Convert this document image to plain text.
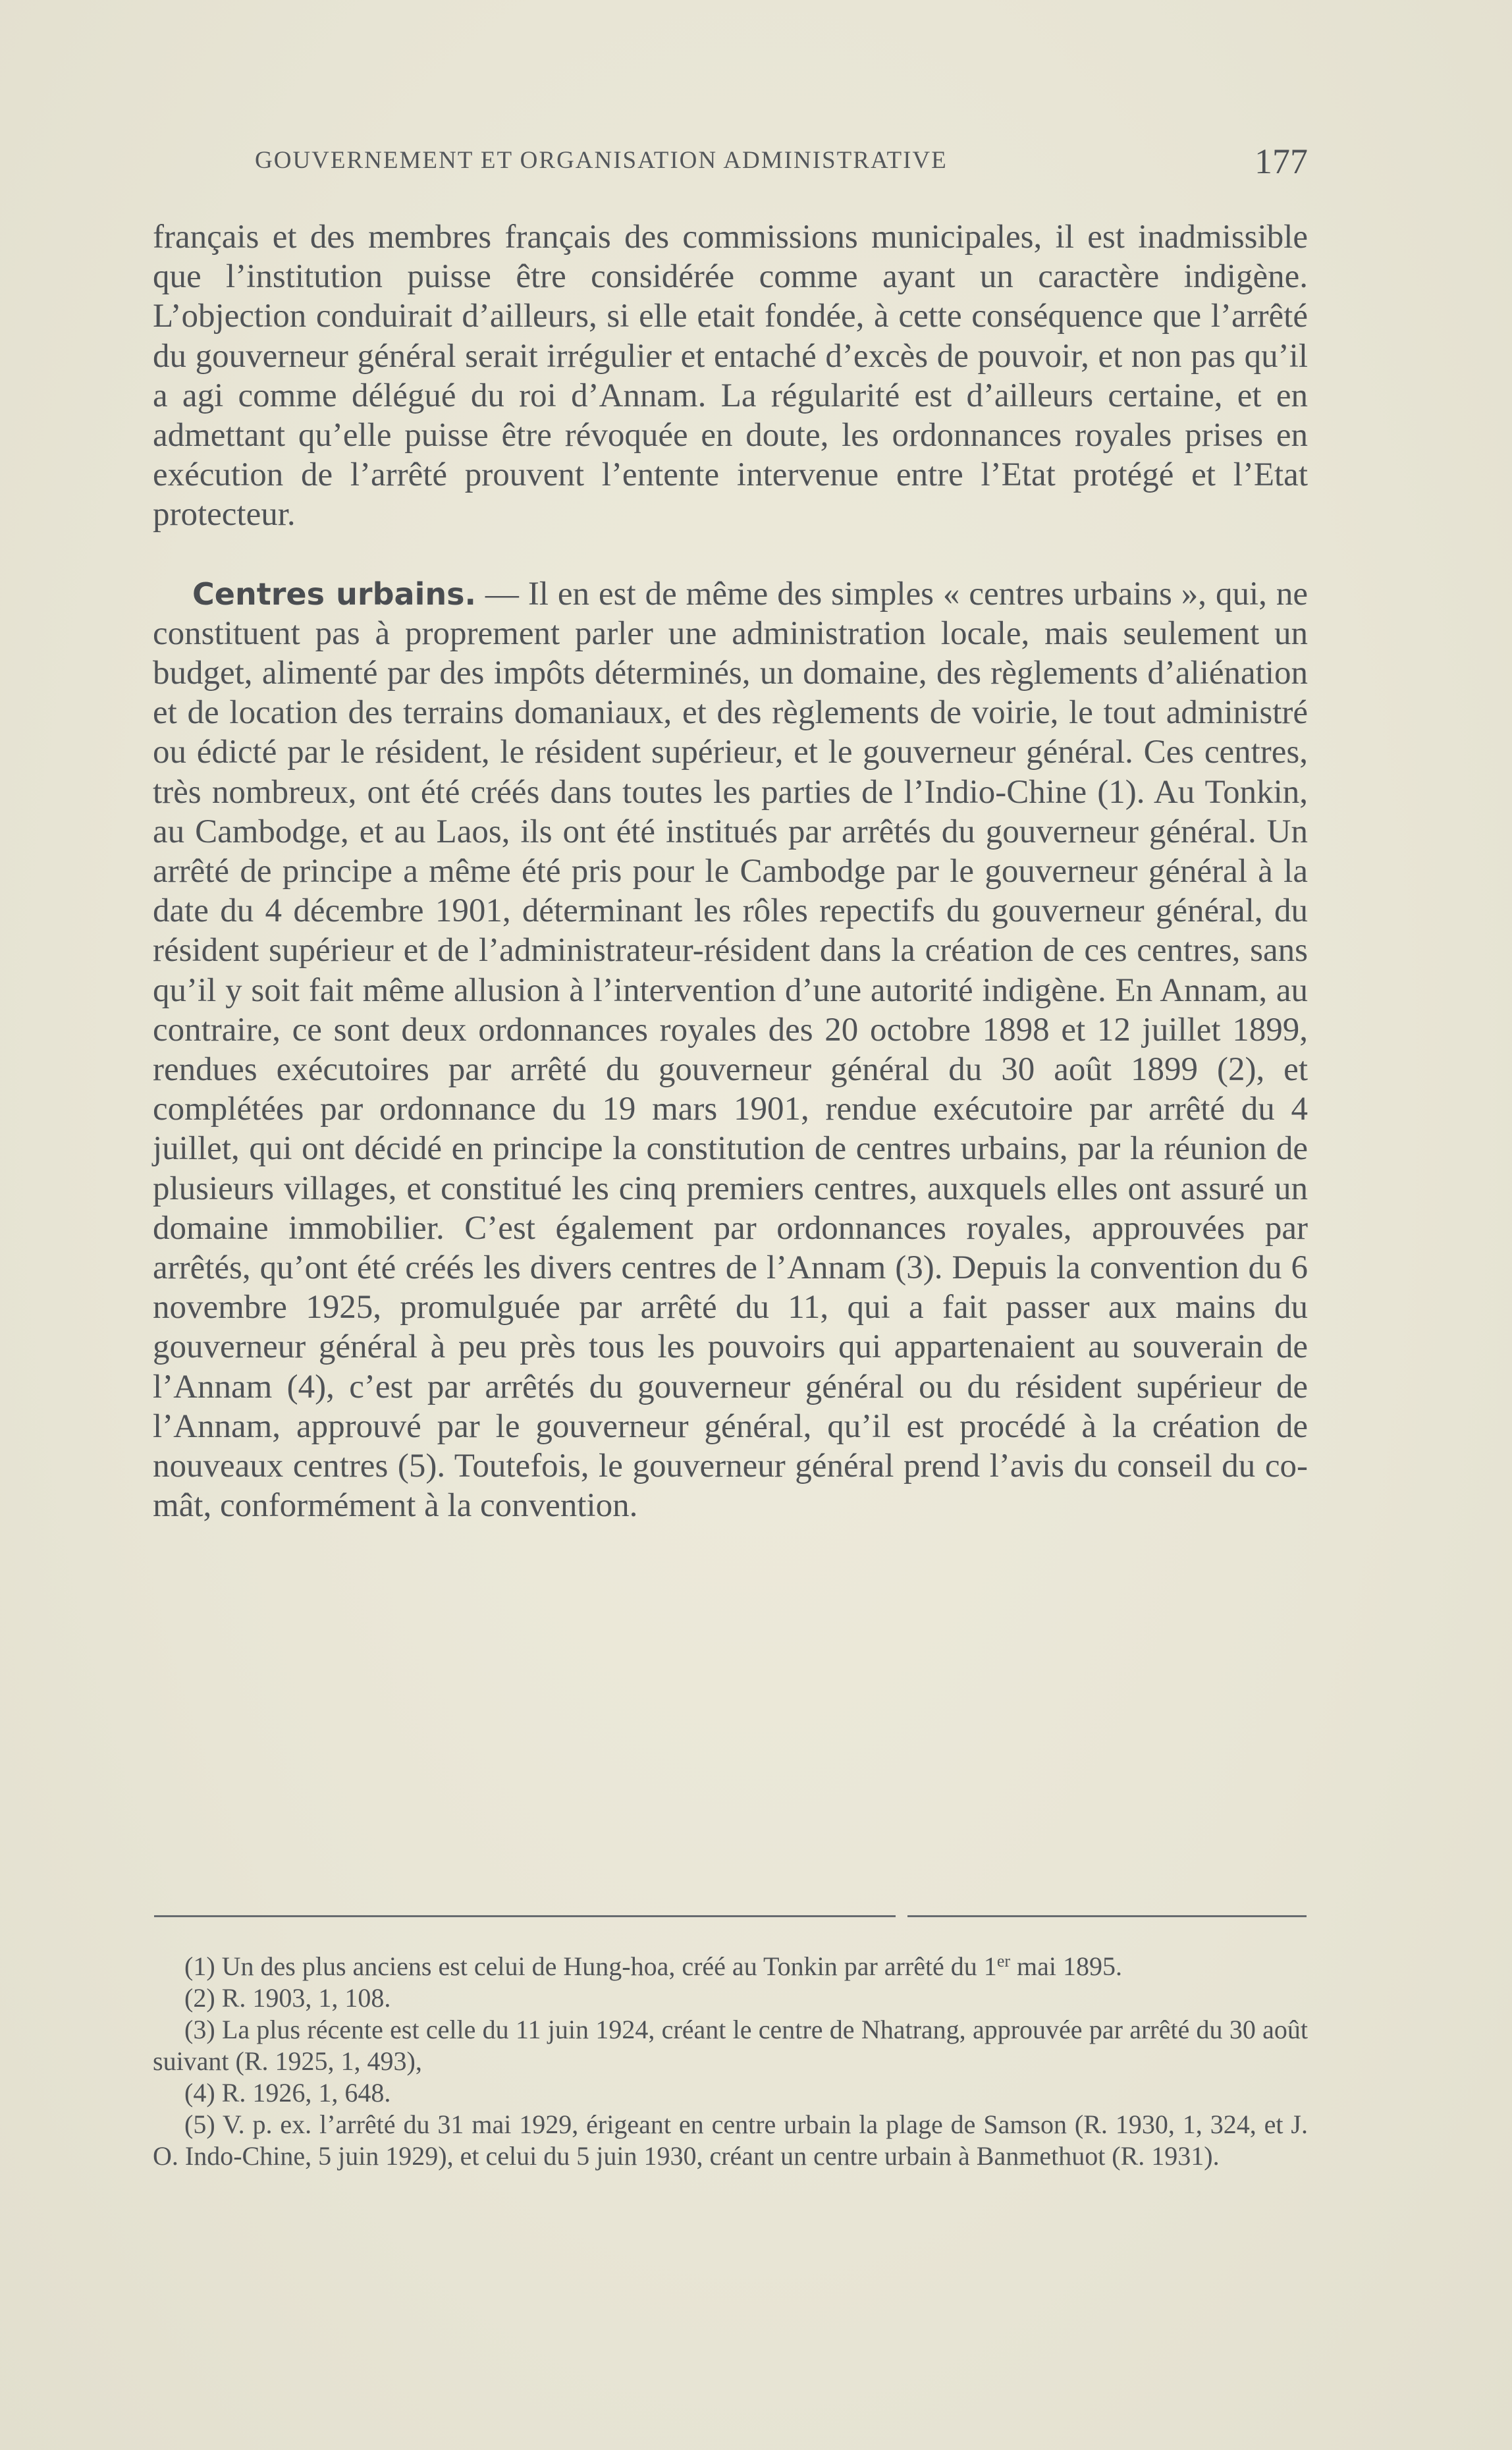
GOUVERNEMENT ET ORGANISATION ADMINISTRATIVE	177

français et des membres français des commissions municipales, il est inadmissible que l’institution puisse être considérée comme ayant un caractère indigène. L’objection conduirait d’ailleurs, si elle etait fondée, à cette conséquence que l’arrêté du gouverneur général serait irrégulier et entaché d’excès de pouvoir, et non pas qu’il a agi comme délégué du roi d’Annam. La régularité est d’ailleurs certaine, et en admettant qu’elle puisse être révoquée en doute, les ordonnances royales prises en exécution de l’arrêté prouvent l’entente intervenue entre l’Etat protégé et l’Etat protecteur.

Centres urbains. — Il en est de même des simples « centres urbains », qui, ne constituent pas à proprement parler une administration locale, mais seulement un budget, alimenté par des impôts déterminés, un domaine, des règlements d’aliénation et de location des terrains domaniaux, et des règlements de voirie, le tout administré ou édicté par le résident, le résident supérieur, et le gouverneur général. Ces centres, très nombreux, ont été créés dans toutes les parties de l’Indio-Chine (1). Au Tonkin, au Cambodge, et au Laos, ils ont été institués par arrêtés du gouverneur général. Un arrêté de principe a même été pris pour le Cambodge par le gouverneur général à la date du 4 décembre 1901, déterminant les rôles repectifs du gouverneur général, du résident supérieur et de l’administrateur-résident dans la création de ces centres, sans qu’il y soit fait même allusion à l’intervention d’une autorité indigène. En Annam, au contraire, ce sont deux ordonnances royales des 20 octobre 1898 et 12 juillet 1899, rendues exécutoires par arrêté du gouverneur général du 30 août 1899 (2), et complétées par ordonnance du 19 mars 1901, rendue exécutoire par arrêté du 4 juillet, qui ont décidé en principe la constitution de centres urbains, par la réunion de plusieurs villages, et constitué les cinq premiers centres, auxquels elles ont assuré un domaine immobilier. C’est également par ordonnances royales, approuvées par arrêtés, qu’ont été créés les divers centres de l’Annam (3). Depuis la convention du 6 novembre 1925, promulguée par arrêté du 11, qui a fait passer aux mains du gouverneur général à peu près tous les pouvoirs qui appartenaient au souverain de l’Annam (4), c’est par arrêtés du gouverneur général ou du résident supérieur de l’Annam, approuvé par le gouverneur général, qu’il est procédé à la création de nouveaux centres (5). Toutefois, le gouverneur général prend l’avis du conseil du co-mât, conformément à la convention.

(1) Un des plus anciens est celui de Hung-hoa, créé au Tonkin par arrêté du 1er mai 1895.

(2) R. 1903, 1, 108.

(3) La plus récente est celle du 11 juin 1924, créant le centre de Nhatrang, approuvée par arrêté du 30 août suivant (R. 1925, 1, 493),

(4) R. 1926, 1, 648.

(5) V. p. ex. l’arrêté du 31 mai 1929, érigeant en centre urbain la plage de Samson (R. 1930, 1, 324, et J. O. Indo-Chine, 5 juin 1929), et celui du 5 juin 1930, créant un centre urbain à Banmethuot (R. 1931).
